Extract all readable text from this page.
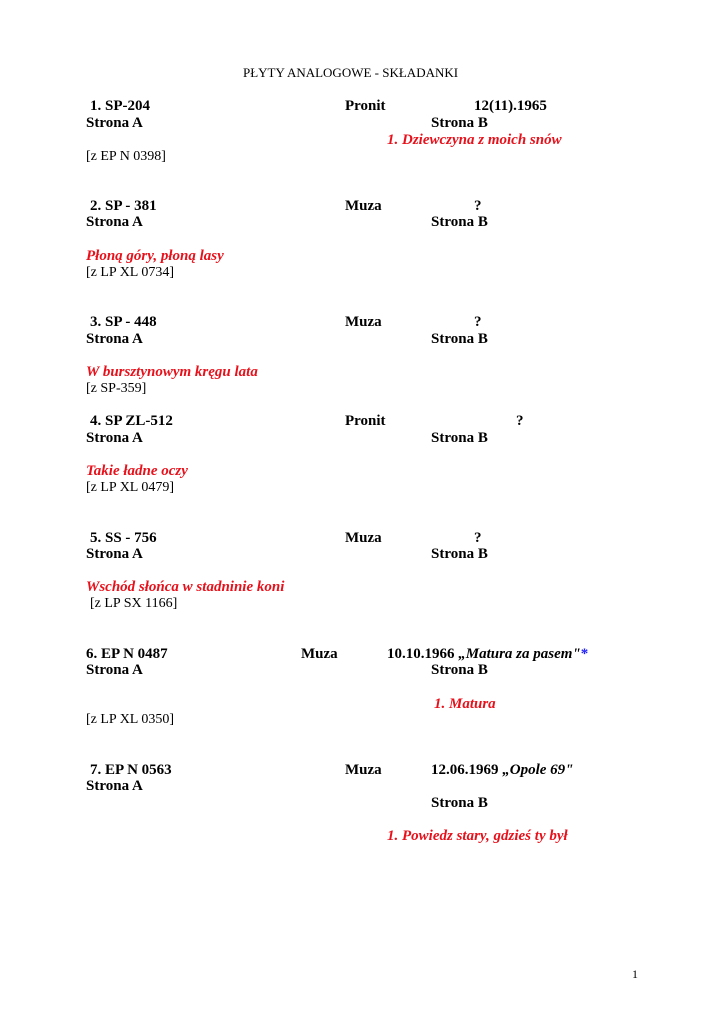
PŁYTY ANALOGOWE - SKŁADANKI
1. SP-204	Pronit	12(11).1965
Strona A	Strona B
1. Dziewczyna z moich snów
[z EP N 0398]
2. SP - 381	Muza	?
Strona A	Strona B
Płoną góry, płoną lasy
[z LP XL 0734]
3. SP - 448	Muza	?
Strona A	Strona B
W bursztynowym kręgu lata
[z SP-359]
4. SP ZL-512	Pronit	?
Strona A	Strona B
Takie ładne oczy
[z LP XL 0479]
5. SS - 756	Muza	?
Strona A	Strona B
Wschód słońca w stadninie koni
[z LP SX 1166]
6. EP N 0487	Muza	10.10.1966 „Matura za pasem"*
Strona A	Strona B
1. Matura
[z LP XL 0350]
7. EP N 0563	Muza	12.06.1969 „Opole 69"
Strona A
Strona B
1. Powiedz stary, gdzieś ty był
1
